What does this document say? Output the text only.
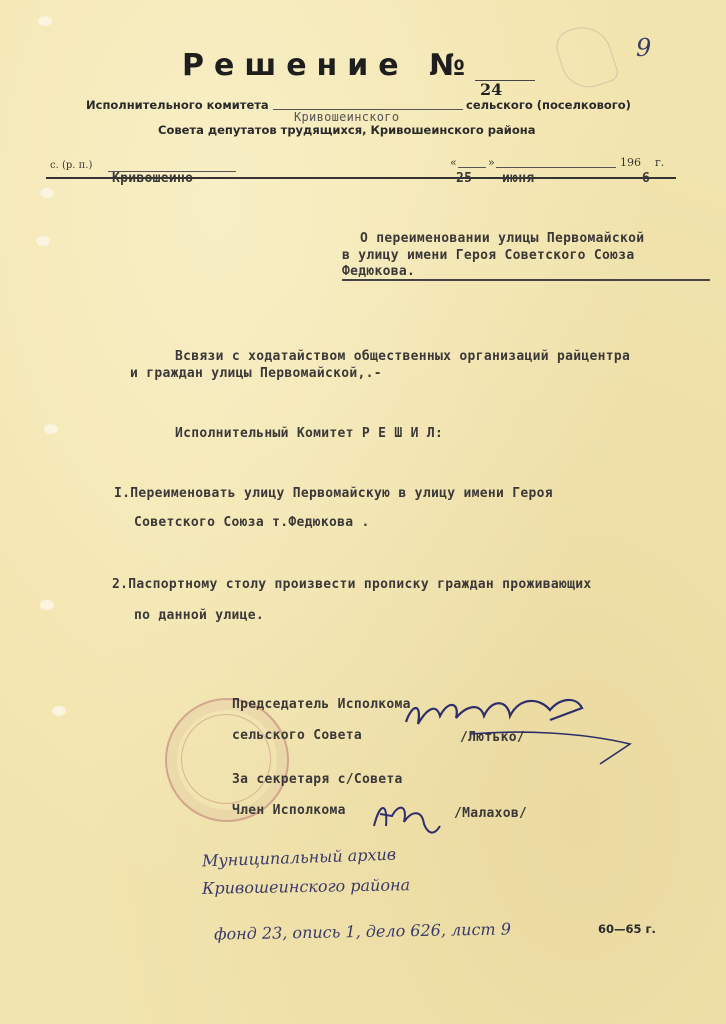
9
Решение №
24
Исполнительного комитета
Кривошеинского
сельского (поселкового)
Совета депутатов трудящихся, Кривошеинского района
с. (р. п.)	«	»	196 г.
Кривошеино	25 июня	6
О переименовании улицы Первомайской
в улицу имени Героя Советского Союза
Федюкова.
Всвязи с ходатайством общественных организаций райцентра
и граждан улицы Первомайской,.-
Исполнительный Комитет Р Е Ш И Л:
I.Переименовать улицу Первомайскую в улицу имени Героя
Советского Союза т.Федюкова .
2.Паспортному столу произвести прописку граждан проживающих
по данной улице.
Председатель Исполкома
сельского Совета	/Лютько/
За секретаря с/Совета
Член Исполкома	/Малахов/
Муниципальный архив
Кривошеинского района
фонд 23, опись 1, дело 626, лист 9	60—65 г.
